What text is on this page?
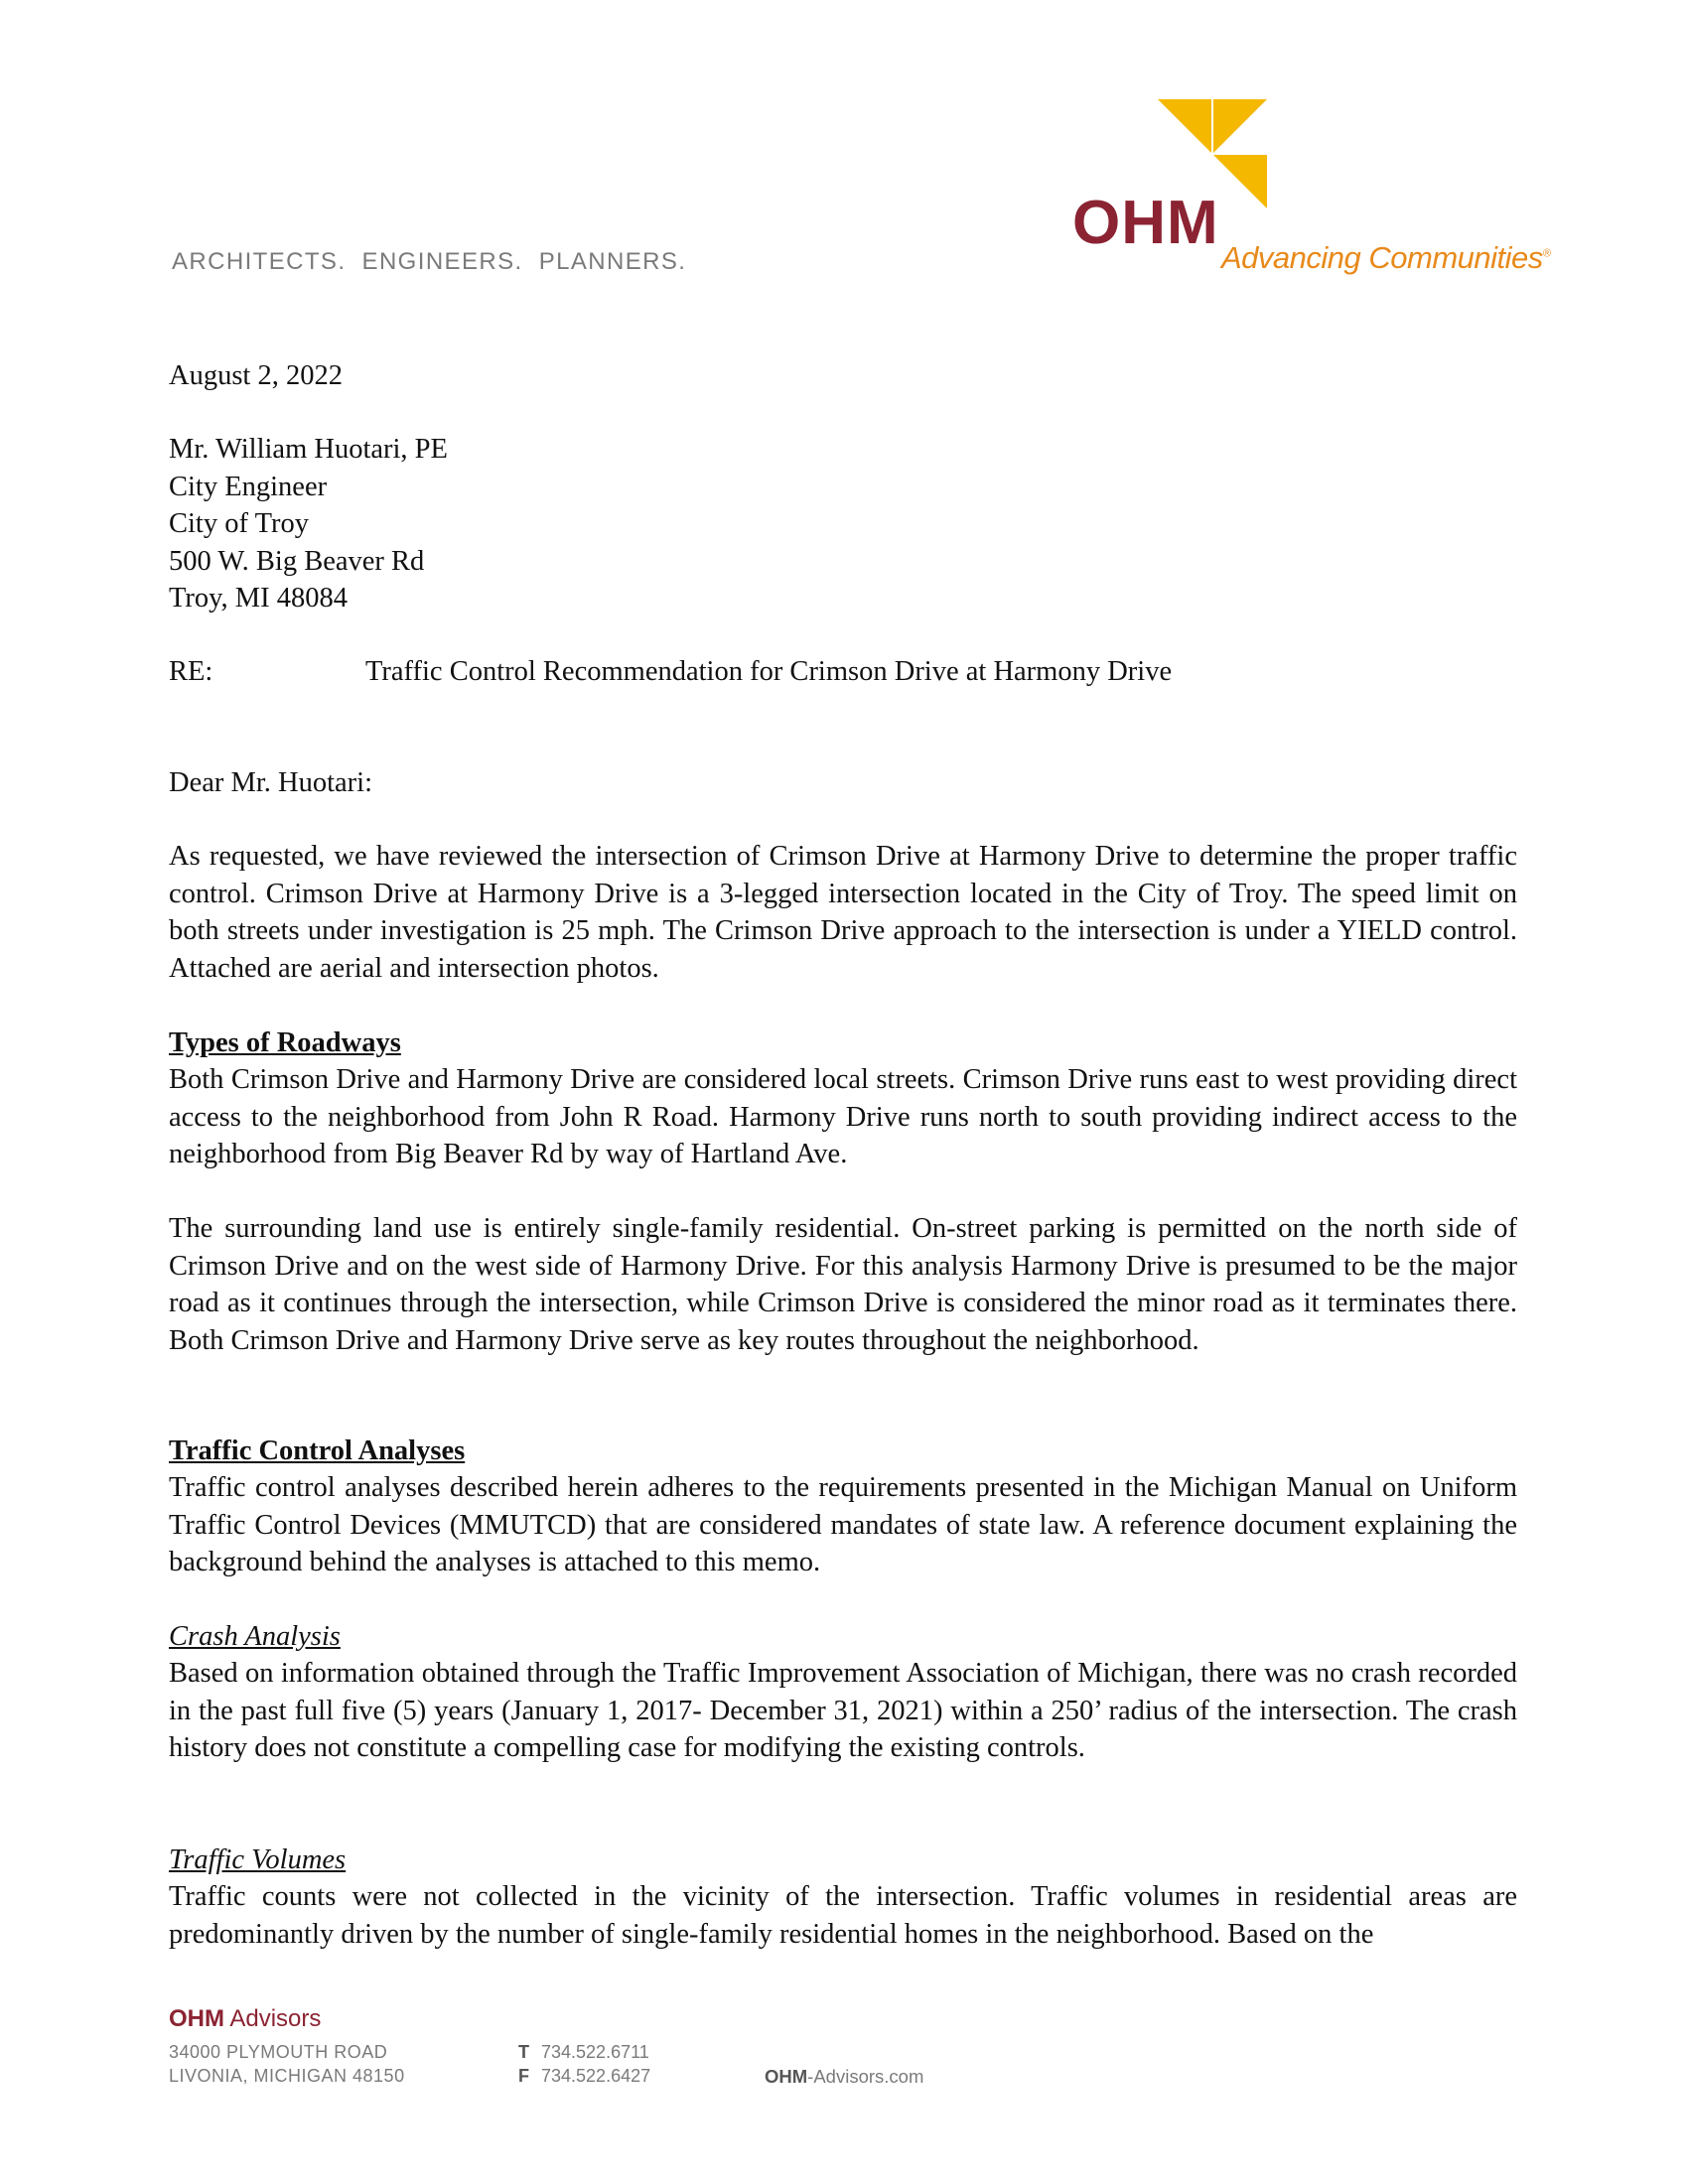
ARCHITECTS.  ENGINEERS.  PLANNERS.
OHM
Advancing Communities®
August 2, 2022
Mr. William Huotari, PE
City Engineer
City of Troy
500 W. Big Beaver Rd
Troy, MI 48084
RE:	Traffic Control Recommendation for Crimson Drive at Harmony Drive
Dear Mr. Huotari:

As requested, we have reviewed the intersection of Crimson Drive at Harmony Drive to determine the proper traffic control. Crimson Drive at Harmony Drive is a 3-legged intersection located in the City of Troy. The speed limit on both streets under investigation is 25 mph. The Crimson Drive approach to the intersection is under a YIELD control. Attached are aerial and intersection photos.

Types of Roadways

Both Crimson Drive and Harmony Drive are considered local streets. Crimson Drive runs east to west providing direct access to the neighborhood from John R Road. Harmony Drive runs north to south providing indirect access to the neighborhood from Big Beaver Rd by way of Hartland Ave.

The surrounding land use is entirely single-family residential. On-street parking is permitted on the north side of Crimson Drive and on the west side of Harmony Drive. For this analysis Harmony Drive is presumed to be the major road as it continues through the intersection, while Crimson Drive is considered the minor road as it terminates there. Both Crimson Drive and Harmony Drive serve as key routes throughout the neighborhood.

Traffic Control Analyses

Traffic control analyses described herein adheres to the requirements presented in the Michigan Manual on Uniform Traffic Control Devices (MMUTCD) that are considered mandates of state law. A reference document explaining the background behind the analyses is attached to this memo.

Crash Analysis

Based on information obtained through the Traffic Improvement Association of Michigan, there was no crash recorded in the past full five (5) years (January 1, 2017- December 31, 2021) within a 250’ radius of the intersection. The crash history does not constitute a compelling case for modifying the existing controls.

Traffic Volumes

Traffic counts were not collected in the vicinity of the intersection. Traffic volumes in residential areas are predominantly driven by the number of single-family residential homes in the neighborhood. Based on the

OHM Advisors
34000 PLYMOUTH ROAD
LIVONIA, MICHIGAN 48150
T 734.522.6711
F 734.522.6427	OHM-Advisors.com
